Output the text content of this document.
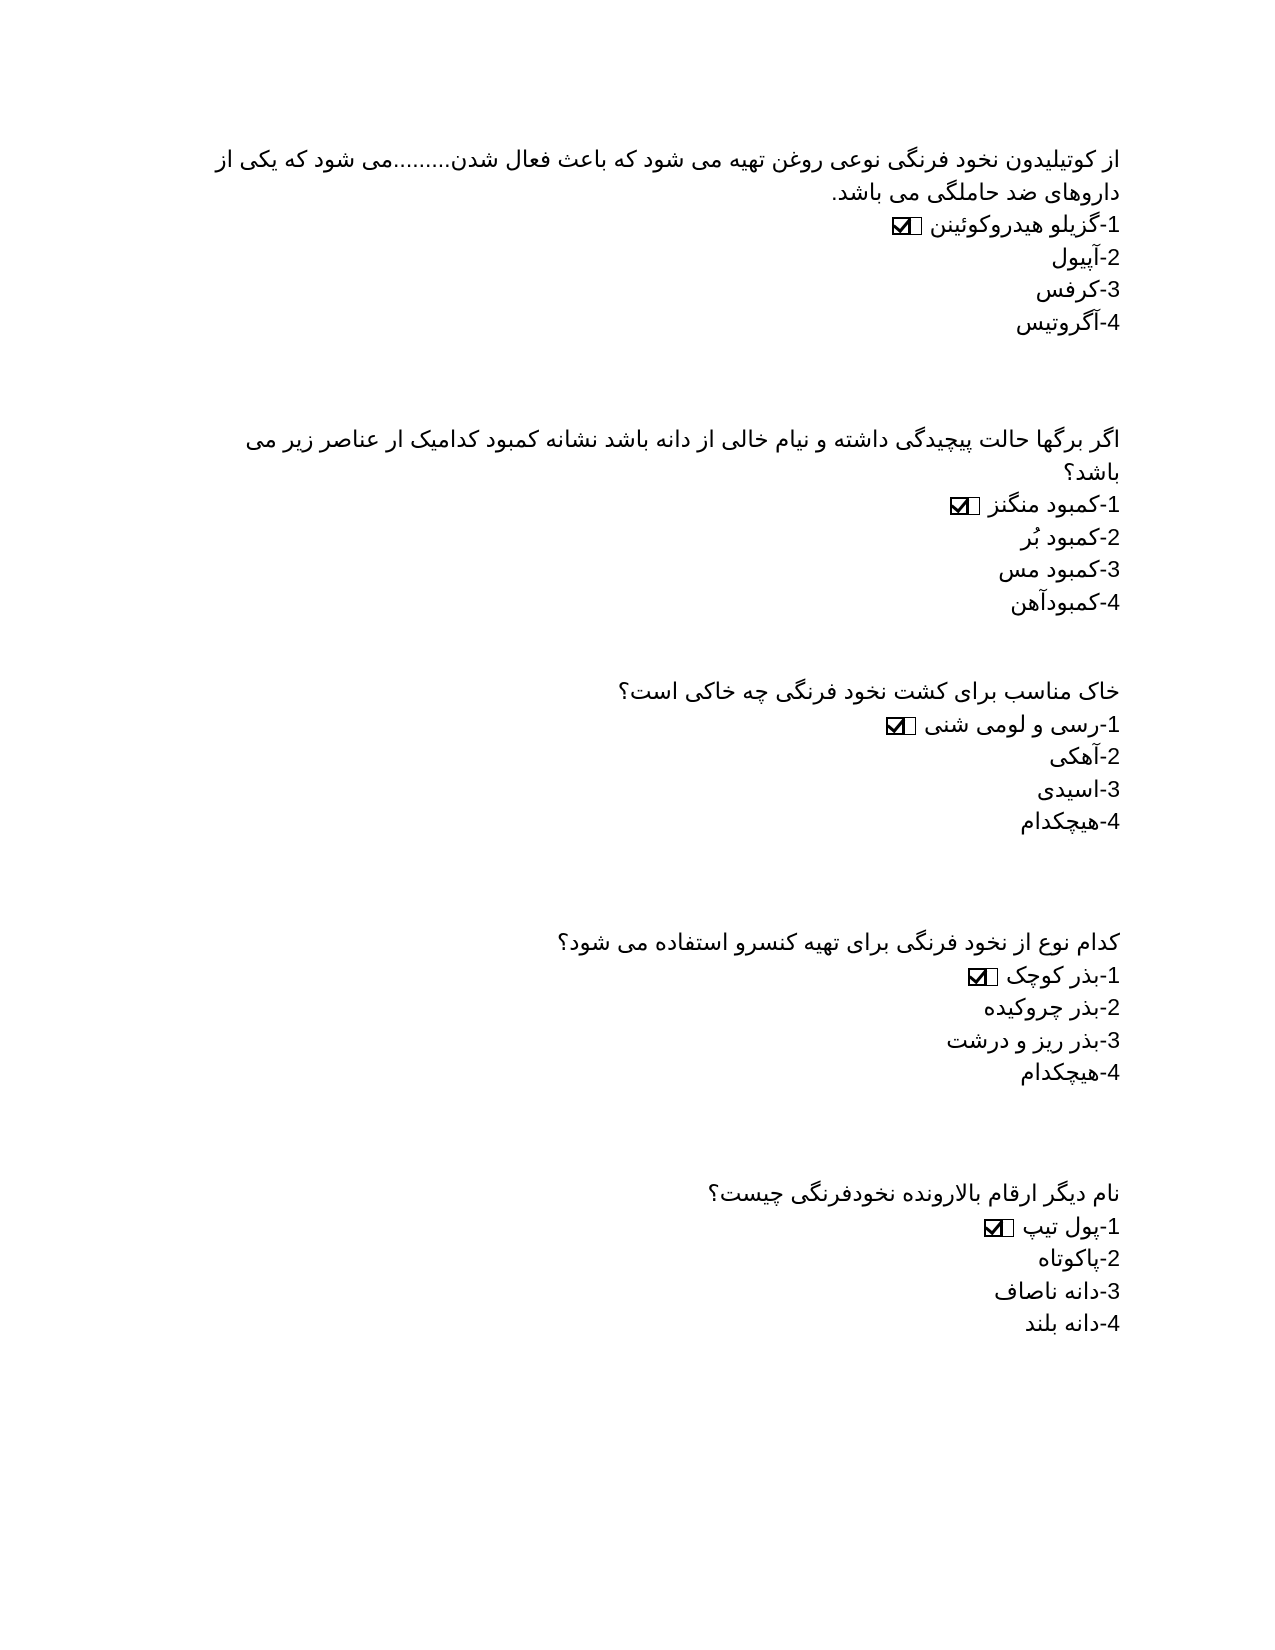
از کوتیلیدون نخود فرنگی نوعی روغن تهیه می شود که باعث فعال شدن.........می شود که یکی از داروهای ضد حاملگی می باشد.
1-گزیلو هیدروکوئینن
2-آپیول
3-کرفس
4-آگروتیس
اگر برگها حالت پیچیدگی داشته و نیام خالی از دانه باشد نشانه کمبود کدامیک ار عناصر زیر می باشد؟
1-کمبود منگنز
2-کمبود بُر
3-کمبود مس
4-کمبودآهن
خاک مناسب برای کشت نخود فرنگی چه خاکی است؟
1-رسی و لومی شنی
2-آهکی
3-اسیدی
4-هیچکدام
کدام نوع از نخود فرنگی برای تهیه کنسرو استفاده می شود؟
1-بذر کوچک
2-بذر چروکیده
3-بذر ریز و درشت
4-هیچکدام
نام دیگر ارقام بالارونده نخودفرنگی چیست؟
1-پول تیپ
2-پاکوتاه
3-دانه ناصاف
4-دانه بلند
